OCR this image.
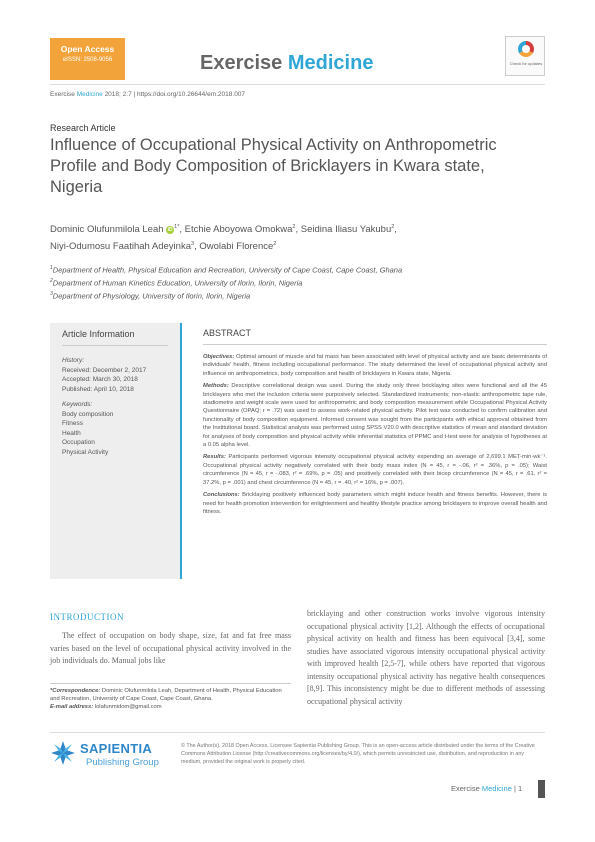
Open Access
eISSN: 2508-9056	Exercise Medicine	Check for updates
Exercise Medicine 2018; 2:7 | https://doi.org/10.26644/em.2018.007
Research Article
Influence of Occupational Physical Activity on Anthropometric Profile and Body Composition of Bricklayers in Kwara state, Nigeria
Dominic Olufunmilola Leah iD $^{1*}$, Etchie Aboyowa Omokwa$^2$, Seidina Iliasu Yakubu$^2$,
Niyi-Odumosu Faatihah Adeyinka$^3$, Owolabi Florence$^2$
$^1$Department of Health, Physical Education and Recreation, University of Cape Coast, Cape Coast, Ghana
$^2$Department of Human Kinetics Education, University of Ilorin, Ilorin, Nigeria
$^3$Department of Physiology, University of Ilorin, Ilorin, Nigeria
Article Information
History:
Received: December 2, 2017
Accepted: March 30, 2018
Published: April 10, 2018
Keywords:
Body composition
Fitness
Health
Occupation
Physical Activity
ABSTRACT

Objectives: Optimal amount of muscle and fat mass has been associated with level of physical activity and are basic determinants of individuals' health, fitness including occupational performance. The study determined the level of occupational physical activity and influence on anthropometrics, body composition and health of bricklayers in Kwara state, Nigeria.

Methods: Descriptive correlational design was used. During the study only three bricklaying sites were functional and all the 45 bricklayers who met the inclusion criteria were purposively selected. Standardized instruments; non-elastic anthropometric tape rule, stadiometre and weight scale were used for anthropometric and body composition measurement while Occupational Physical Activity Questionnaire (OPAQ; r = .72) was used to assess work-related physical activity. Pilot test was conducted to confirm calibration and functionality of body composition equipment. Informed consent was sought from the participants with ethical approval obtained from the Institutional board. Statistical analysis was performed using SPSS V20.0 with descriptive statistics of mean and standard deviation for analyses of body composition and physical activity while inferential statistics of PPMC and t-test were for analysis of hypotheses at a 0.05 alpha level.

Results: Participants performed vigorous intensity occupational physical activity expending an average of 2,699.1 MET-min·wk⁻¹. Occupational physical activity negatively correlated with their body mass index (N = 45, r = -.06, r² = .36%, p = .05); Waist circumference (N = 45, r = -.083, r² = .69%, p = .05) and positively correlated with their bicep circumference (N = 45, r = .61, r² = 37.2%, p = .001) and chest circumference (N = 45, r = .40, r² = 16%, p = .007).

Conclusions: Bricklaying positively influenced body parameters which might induce health and fitness benefits. However, there is need for health promotion intervention for enlightenment and healthy lifestyle practice among bricklayers to improve overall health and fitness.

INTRODUCTION
The effect of occupation on body shape, size, fat and fat free mass varies based on the level of occupational physical activity involved in the job individuals do. Manual jobs like
bricklaying and other construction works involve vigorous intensity occupational physical activity [1,2]. Although the effects of occupational physical activity on health and fitness has been equivocal [3,4], some studies have associated vigorous intensity occupational physical activity with improved health [2,5-7], while others have reported that vigorous intensity occupational physical activity has negative health consequences [8,9]. This inconsistency might be due to different methods of assessing occupational physical activity
*Correspondence: Dominic Olufunmilola Leah, Department of Health, Physical Education and Recreation, University of Cape Coast, Cape Coast, Ghana.
E-mail address: lolafunmidom@gmail.com
SAPIENTIA
Publishing Group
© The Author(s). 2018 Open Access. Licensee Sapientia Publishing Group. This is an open-access article distributed under the terms of the Creative Commons Attribution License (http://creativecommons.org/licenses/by/4.0/), which permits unrestricted use, distribution, and reproduction in any medium, provided the original work is properly cited.
Exercise Medicine | 1
